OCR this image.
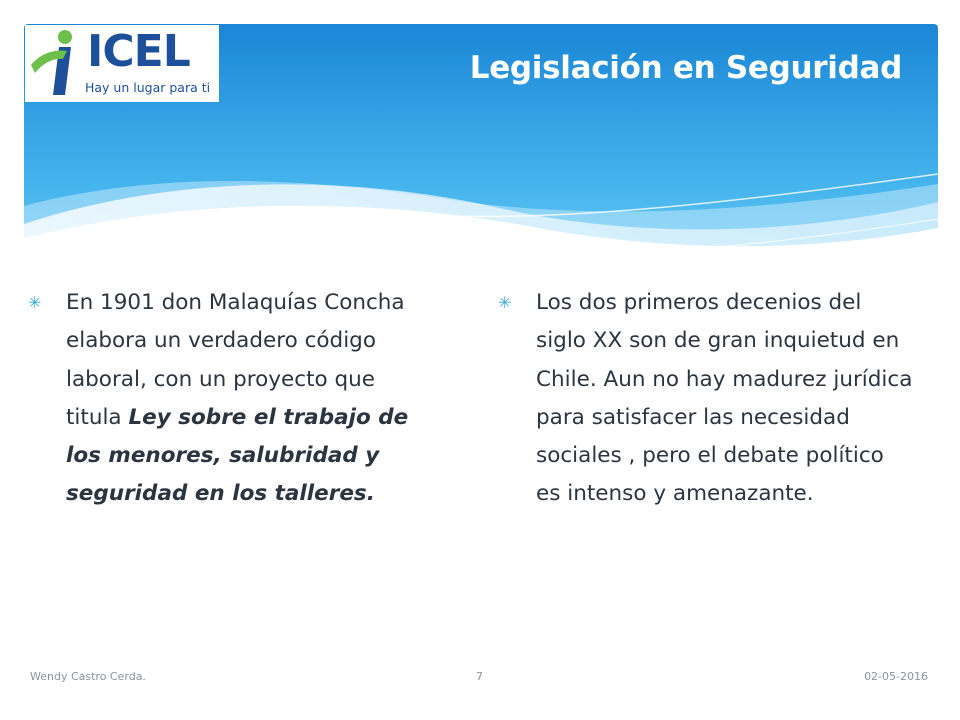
ICEL
Hay un lugar para ti
Legislación en Seguridad
✳ En 1901 don Malaquías Concha elabora un verdadero código laboral, con un proyecto que titula Ley sobre el trabajo de los menores, salubridad y seguridad en los talleres.
✳ Los dos primeros decenios del siglo XX son de gran inquietud en Chile. Aun no hay madurez jurídica para satisfacer las necesidad sociales , pero el debate político es intenso y amenazante.
Wendy Castro Cerda.	7	02-05-2016
